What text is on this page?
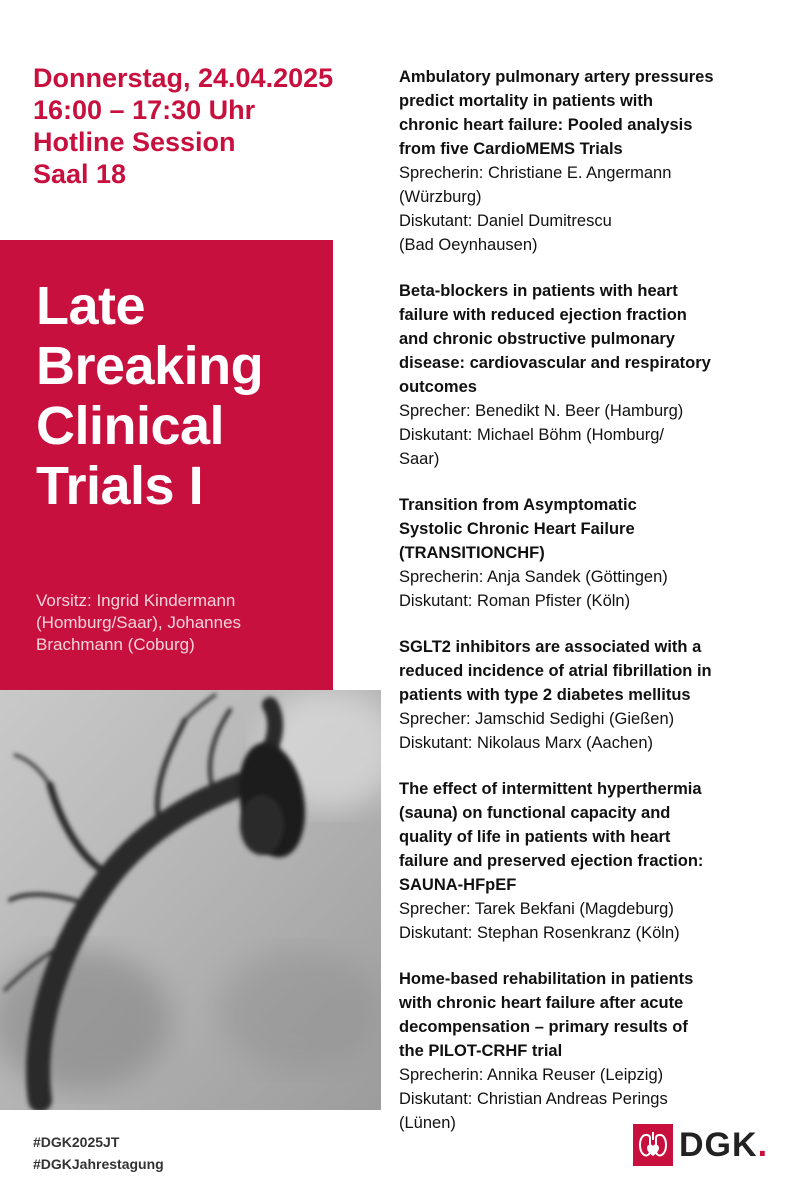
Donnerstag, 24.04.2025
16:00 – 17:30 Uhr
Hotline Session
Saal 18
Late
Breaking
Clinical
Trials I
Vorsitz: Ingrid Kindermann
(Homburg/Saar), Johannes
Brachmann (Coburg)
Ambulatory pulmonary artery pressures
predict mortality in patients with
chronic heart failure: Pooled analysis
from five CardioMEMS Trials
Sprecherin: Christiane E. Angermann
(Würzburg)
Diskutant: Daniel Dumitrescu
(Bad Oeynhausen)
Beta-blockers in patients with heart
failure with reduced ejection fraction
and chronic obstructive pulmonary
disease: cardiovascular and respiratory
outcomes
Sprecher: Benedikt N. Beer (Hamburg)
Diskutant: Michael Böhm (Homburg/
Saar)
Transition from Asymptomatic
Systolic Chronic Heart Failure
(TRANSITIONCHF)
Sprecherin: Anja Sandek (Göttingen)
Diskutant: Roman Pfister (Köln)
SGLT2 inhibitors are associated with a
reduced incidence of atrial fibrillation in
patients with type 2 diabetes mellitus
Sprecher: Jamschid Sedighi (Gießen)
Diskutant: Nikolaus Marx (Aachen)
The effect of intermittent hyperthermia
(sauna) on functional capacity and
quality of life in patients with heart
failure and preserved ejection fraction:
SAUNA-HFpEF
Sprecher: Tarek Bekfani (Magdeburg)
Diskutant: Stephan Rosenkranz (Köln)
Home-based rehabilitation in patients
with chronic heart failure after acute
decompensation – primary results of
the PILOT-CRHF trial
Sprecherin: Annika Reuser (Leipzig)
Diskutant: Christian Andreas Perings
(Lünen)
#DGK2025JT
#DGKJahrestagung
DGK.
